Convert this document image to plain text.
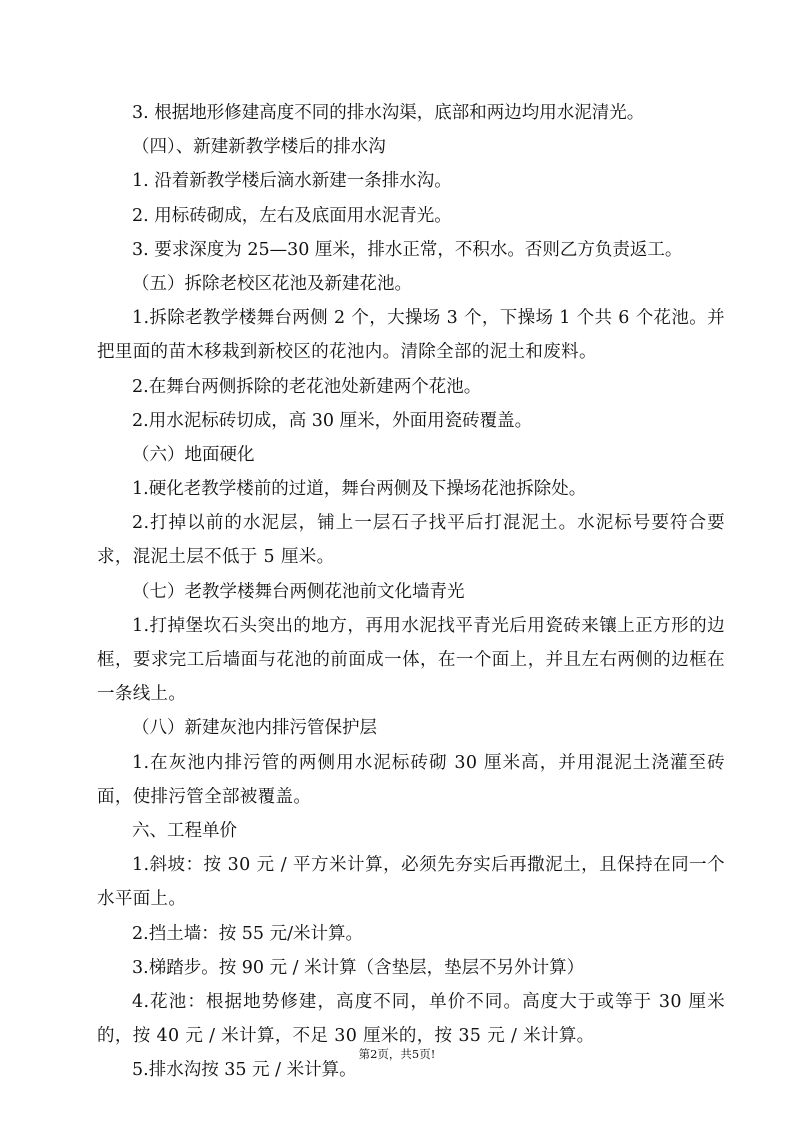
3. 根据地形修建高度不同的排水沟渠，底部和两边均用水泥清光。
（四）、新建新教学楼后的排水沟
1. 沿着新教学楼后滴水新建一条排水沟。
2. 用标砖砌成，左右及底面用水泥青光。
3. 要求深度为 25—30 厘米，排水正常，不积水。否则乙方负责返工。
（五）拆除老校区花池及新建花池。
1.拆除老教学楼舞台两侧 2 个，大操场 3 个，下操场 1 个共 6 个花池。并把里面的苗木移栽到新校区的花池内。清除全部的泥土和废料。
2.在舞台两侧拆除的老花池处新建两个花池。
2.用水泥标砖切成，高 30 厘米，外面用瓷砖覆盖。
（六）地面硬化
1.硬化老教学楼前的过道，舞台两侧及下操场花池拆除处。
2.打掉以前的水泥层，铺上一层石子找平后打混泥土。水泥标号要符合要求，混泥土层不低于 5 厘米。
（七）老教学楼舞台两侧花池前文化墙青光
1.打掉堡坎石头突出的地方，再用水泥找平青光后用瓷砖来镶上正方形的边框，要求完工后墙面与花池的前面成一体，在一个面上，并且左右两侧的边框在一条线上。
（八）新建灰池内排污管保护层
1.在灰池内排污管的两侧用水泥标砖砌 30 厘米高，并用混泥土浇灌至砖面，使排污管全部被覆盖。
六、工程单价
1.斜坡：按 30 元 / 平方米计算，必须先夯实后再撒泥土，且保持在同一个水平面上。
2.挡土墙：按 55 元/米计算。
3.梯踏步。按 90 元 / 米计算（含垫层，垫层不另外计算）
4.花池：根据地势修建，高度不同，单价不同。高度大于或等于 30 厘米的，按 40 元 / 米计算，不足 30 厘米的，按 35 元 / 米计算。
5.排水沟按 35 元 / 米计算。
第2页，共5页!
